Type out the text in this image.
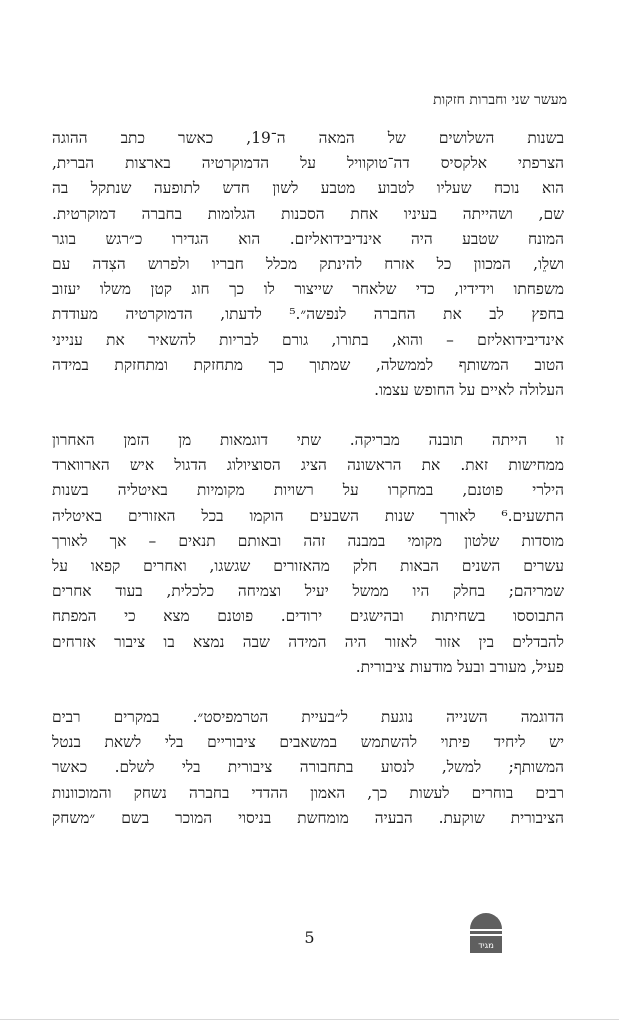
מעשר שני וחברות חזקות
בשנות השלושים של המאה ה־19, כאשר כתב ההוגה
הצרפתי אלקסיס דה־טוקוויל על הדמוקרטיה בארצות הברית,
הוא נוכח שעליו לטבוע מטבע לשון חדש לתופעה שנתקל בה
שם, ושהייתה בעיניו אחת הסכנות הגלומות בחברה דמוקרטית.
המונח שטבע היה אינדיבידואליזם. הוא הגדירו כ״רגש בוגר
ושלֵו, המכוון כל אזרח להינתק מכלל חבריו ולפרוש הצִדה עם
משפחתו וידידיו, כדי שלאחר שייצור לו כך חוג קטן משלו יעזוב
בחפץ לב את החברה לנפשה״.⁵ לדעתו, הדמוקרטיה מעודדת
אינדיבידואליזם – והוא, בתורו, גורם לבריות להשאיר את ענייני
הטוב המשותף לממשלה, שמתוך כך מתחזקת ומתחזקת במידה
העלולה לאיים על החופש עצמו.
זו הייתה תובנה מבריקה. שתי דוגמאות מן הזמן האחרון
ממחישות זאת. את הראשונה הציג הסוציולוג הדגול איש הארווארד
הילרי פוטנם, במחקרו על רשויות מקומיות באיטליה בשנות
התשעים.⁶ לאורך שנות השבעים הוקמו בכל האזורים באיטליה
מוסדות שלטון מקומי במבנה זהה ובאותם תנאים – אך לאורך
עשרים השנים הבאות חלק מהאזורים שגשגו, ואחרים קפאו על
שמריהם; בחלק היו ממשל יעיל וצמיחה כלכלית, בעוד אחרים
התבוססו בשחיתות ובהישגים ירודים. פוטנם מצא כי המפתח
להבדלים בין אזור לאזור היה המידה שבה נמצא בו ציבור אזרחים
פעיל, מעורב ובעל מודעות ציבורית.
הדוגמה השנייה נוגעת ל״בעיית הטרמפיסט״. במקרים רבים
יש ליחיד פיתוי להשתמש במשאבים ציבוריים בלי לשאת בנטל
המשותף; למשל, לנסוע בתחבורה ציבורית בלי לשלם. כאשר
רבים בוחרים לעשות כך, האמון ההדדי בחברה נשחק והמוכוונות
הציבורית שוקעת. הבעיה מומחשת בניסוי המוכר בשם ״משחק
5	מגיד
